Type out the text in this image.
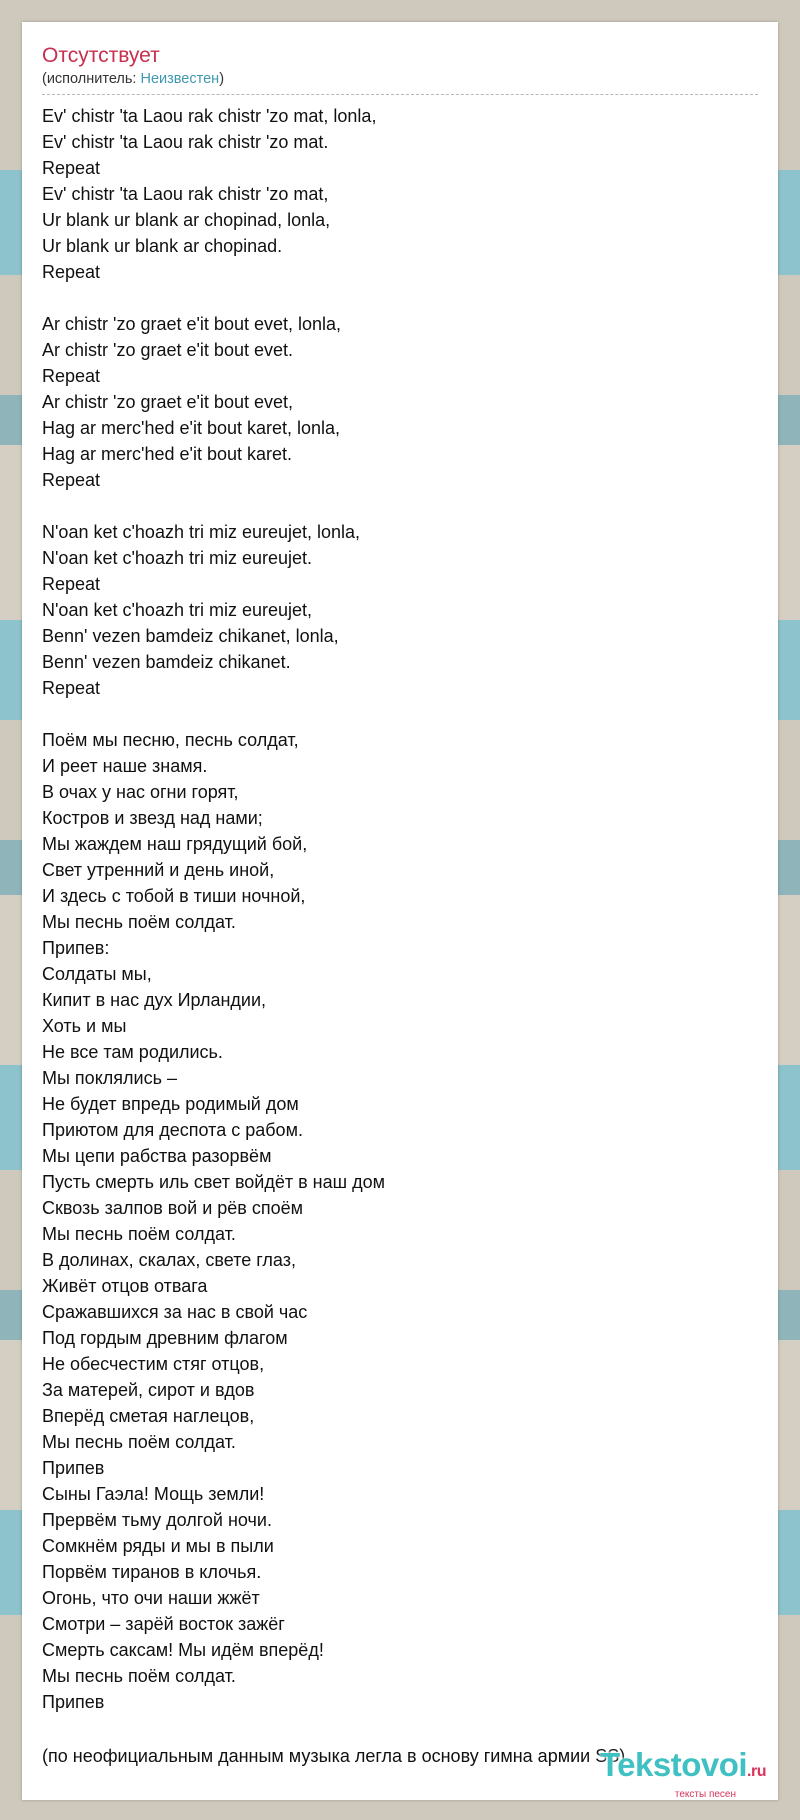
Отсутствует
(исполнитель: Неизвестен)
Ev' chistr 'ta Laou rak chistr 'zo mat, lonla,
Ev' chistr 'ta Laou rak chistr 'zo mat.
Repeat
Ev' chistr 'ta Laou rak chistr 'zo mat,
Ur blank ur blank ar chopinad, lonla,
Ur blank ur blank ar chopinad.
Repeat
Ar chistr 'zo graet e'it bout evet, lonla,
Ar chistr 'zo graet e'it bout evet.
Repeat
Ar chistr 'zo graet e'it bout evet,
Hag ar merc'hed e'it bout karet, lonla,
Hag ar merc'hed e'it bout karet.
Repeat
N'oan ket c'hoazh tri miz eureujet, lonla,
N'oan ket c'hoazh tri miz eureujet.
Repeat
N'oan ket c'hoazh tri miz eureujet,
Benn' vezen bamdeiz chikanet, lonla,
Benn' vezen bamdeiz chikanet.
Repeat
Поём мы песню, песнь солдат,
И реет наше знамя.
В очах у нас огни горят,
Костров и звезд над нами;
Мы жаждем наш грядущий бой,
Свет утренний и день иной,
И здесь с тобой в тиши ночной,
Мы песнь поём солдат.
Припев:
Солдаты мы,
Кипит в нас дух Ирландии,
Хоть и мы
Не все там родились.
Мы поклялись –
Не будет впредь родимый дом
Приютом для деспота с рабом.
Мы цепи рабства разорвём
Пусть смерть иль свет войдёт в наш дом
Сквозь залпов вой и рёв споём
Мы песнь поём солдат.
В долинах, скалах, свете глаз,
Живёт отцов отвага
Сражавшихся за нас в свой час
Под гордым древним флагом
Не обесчестим стяг отцов,
За матерей, сирот и вдов
Вперёд сметая наглецов,
Мы песнь поём солдат.
Припев
Сыны Гаэла! Мощь земли!
Прервём тьму долгой ночи.
Сомкнём ряды и мы в пыли
Порвём тиранов в клочья.
Огонь, что очи наши жжёт
Смотри – зарёй восток зажёг
Смерть саксам! Мы идём вперёд!
Мы песнь поём солдат.
Припев
(по неофициальным данным музыка легла в основу гимна армии SS)
Tekstovoi.ru
тексты песен
